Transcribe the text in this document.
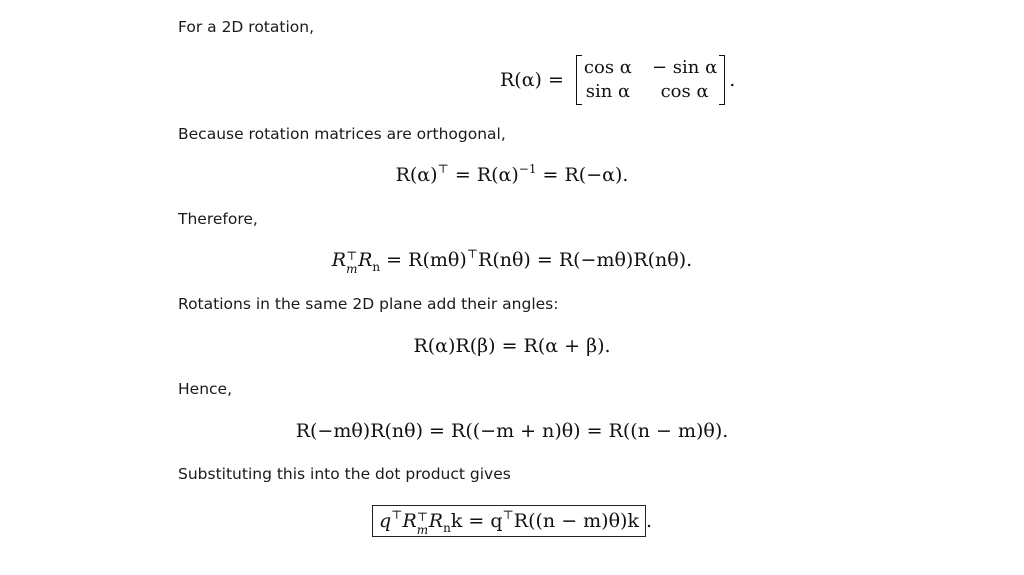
For a 2D rotation,
R(α) =
cos α − sin α
sin α	cos α
.
Because rotation matrices are orthogonal,
$R(\alpha)^⊤ = R(\alpha)^{-1} = R(-\alpha)$.
Therefore,
R ⊤
m $R_n = R(m\theta)^⊤R(n\theta) = R(-m\theta)R(n\theta)$.
Rotations in the same 2D plane add their angles:
R(α)R(β) = R(α + β).
Hence,
R(−mθ)R(nθ) = R((−m + n)θ) = R((n − m)θ).
Substituting this into the dot product gives
q⊤R ⊤
m $R_nk = q^⊤R((n - m)\theta)k$ .
